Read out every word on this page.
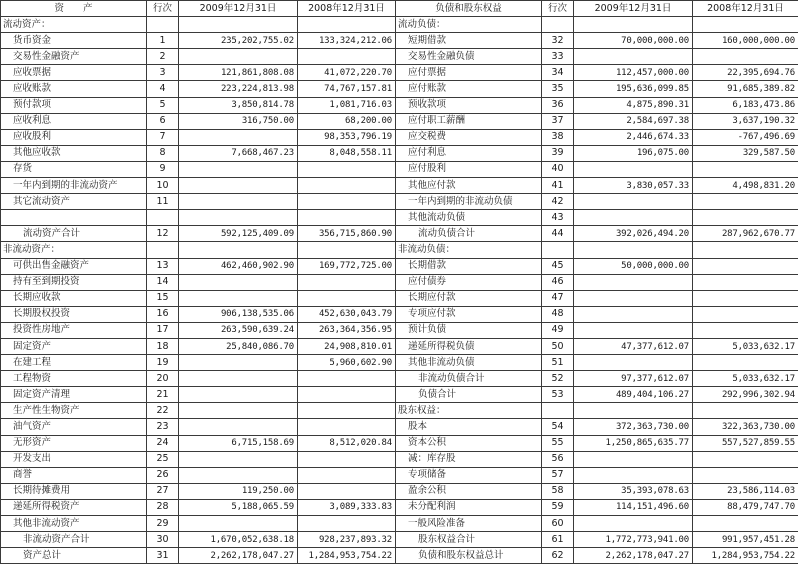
资　　产	行次	2009年12月31日	2008年12月31日	负债和股东权益	行次	2009年12月31日	2008年12月31日
流动资产：				流动负债：			
货币资金	1	235,202,755.02	133,324,212.06	短期借款	32	70,000,000.00	160,000,000.00
交易性金融资产	2			交易性金融负债	33		
应收票据	3	121,861,808.08	41,072,220.70	应付票据	34	112,457,000.00	22,395,694.76
应收账款	4	223,224,813.98	74,767,157.81	应付账款	35	195,636,099.85	91,685,389.82
预付款项	5	3,850,814.78	1,081,716.03	预收款项	36	4,875,890.31	6,183,473.86
应收利息	6	316,750.00	68,200.00	应付职工薪酬	37	2,584,697.38	3,637,190.32
应收股利	7		98,353,796.19	应交税费	38	2,446,674.33	-767,496.69
其他应收款	8	7,668,467.23	8,048,558.11	应付利息	39	196,075.00	329,587.50
存货	9			应付股利	40		
一年内到期的非流动资产	10			其他应付款	41	3,830,057.33	4,498,831.20
其它流动资产	11			一年内到期的非流动负债	42		
				其他流动负债	43		
流动资产合计	12	592,125,409.09	356,715,860.90	流动负债合计	44	392,026,494.20	287,962,670.77
非流动资产：				非流动负债：			
可供出售金融资产	13	462,460,902.90	169,772,725.00	长期借款	45	50,000,000.00	
持有至到期投资	14			应付债券	46		
长期应收款	15			长期应付款	47		
长期股权投资	16	906,138,535.06	452,630,043.79	专项应付款	48		
投资性房地产	17	263,590,639.24	263,364,356.95	预计负债	49		
固定资产	18	25,840,086.70	24,908,810.01	递延所得税负债	50	47,377,612.07	5,033,632.17
在建工程	19		5,960,602.90	其他非流动负债	51		
工程物资	20			非流动负债合计	52	97,377,612.07	5,033,632.17
固定资产清理	21			负债合计	53	489,404,106.27	292,996,302.94
生产性生物资产	22			股东权益：			
油气资产	23			股本	54	372,363,730.00	322,363,730.00
无形资产	24	6,715,158.69	8,512,020.84	资本公积	55	1,250,865,635.77	557,527,859.55
开发支出	25			减：库存股	56		
商誉	26			专项储备	57		
长期待摊费用	27	119,250.00		盈余公积	58	35,393,078.63	23,586,114.03
递延所得税资产	28	5,188,065.59	3,089,333.83	未分配利润	59	114,151,496.60	88,479,747.70
其他非流动资产	29			一般风险准备	60		
非流动资产合计	30	1,670,052,638.18	928,237,893.32	股东权益合计	61	1,772,773,941.00	991,957,451.28
资产总计	31	2,262,178,047.27	1,284,953,754.22	负债和股东权益总计	62	2,262,178,047.27	1,284,953,754.22
